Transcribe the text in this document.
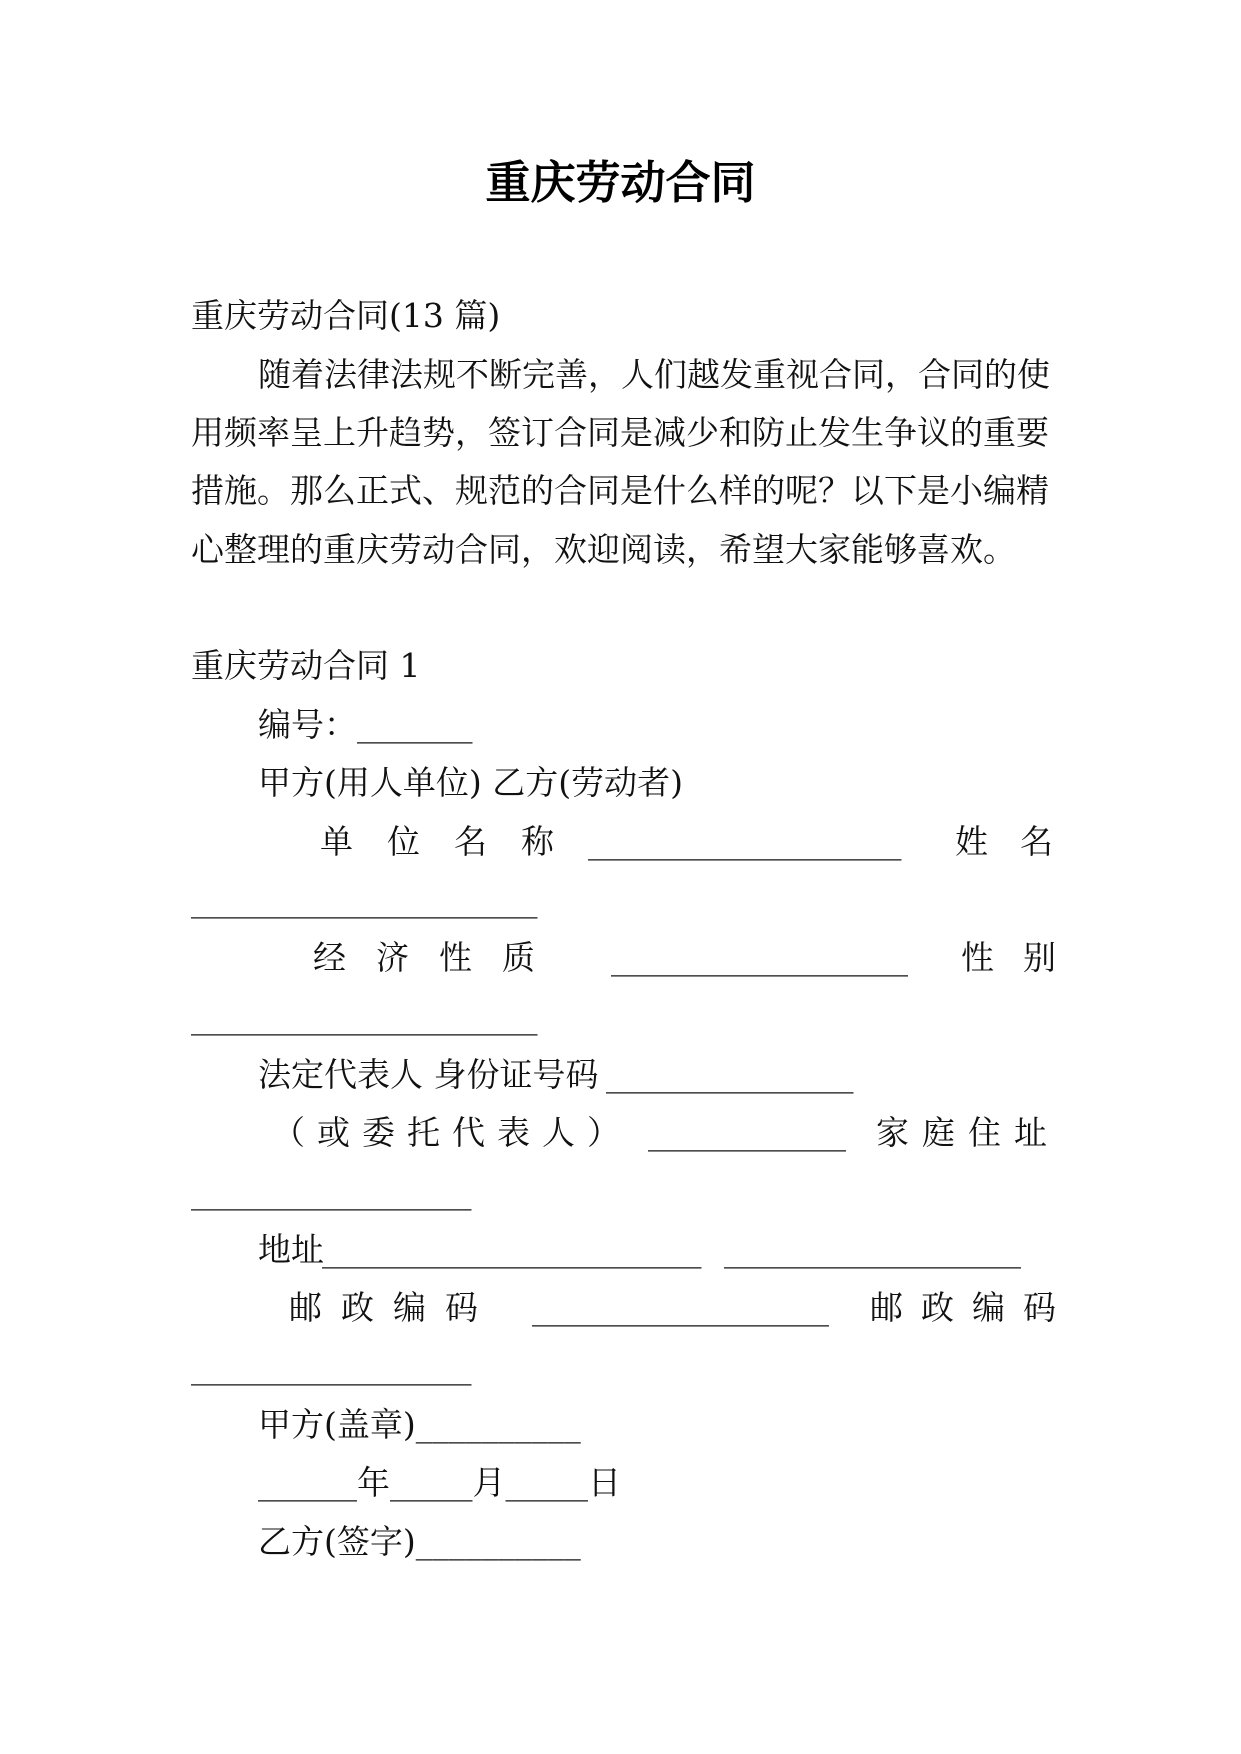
重庆劳动合同
重庆劳动合同(13 篇)
随着法律法规不断完善，人们越发重视合同，合同的使
用频率呈上升趋势，签订合同是减少和防止发生争议的重要
措施。那么正式、规范的合同是什么样的呢？以下是小编精
心整理的重庆劳动合同，欢迎阅读，希望大家能够喜欢。
重庆劳动合同 1
编号：_______
甲方(用人单位) 乙方(劳动者)
单位名称 ___________________ 姓名
_____________________
经济性质 __________________ 性别
_____________________
法定代表人 身份证号码 _______________
（或委托代表人） ____________ 家庭住址
_________________
地址
_______________________ __________________
邮政编码 __________________ 邮政编码
_________________
甲方(盖章)__________
______年_____月_____日
乙方(签字)__________
